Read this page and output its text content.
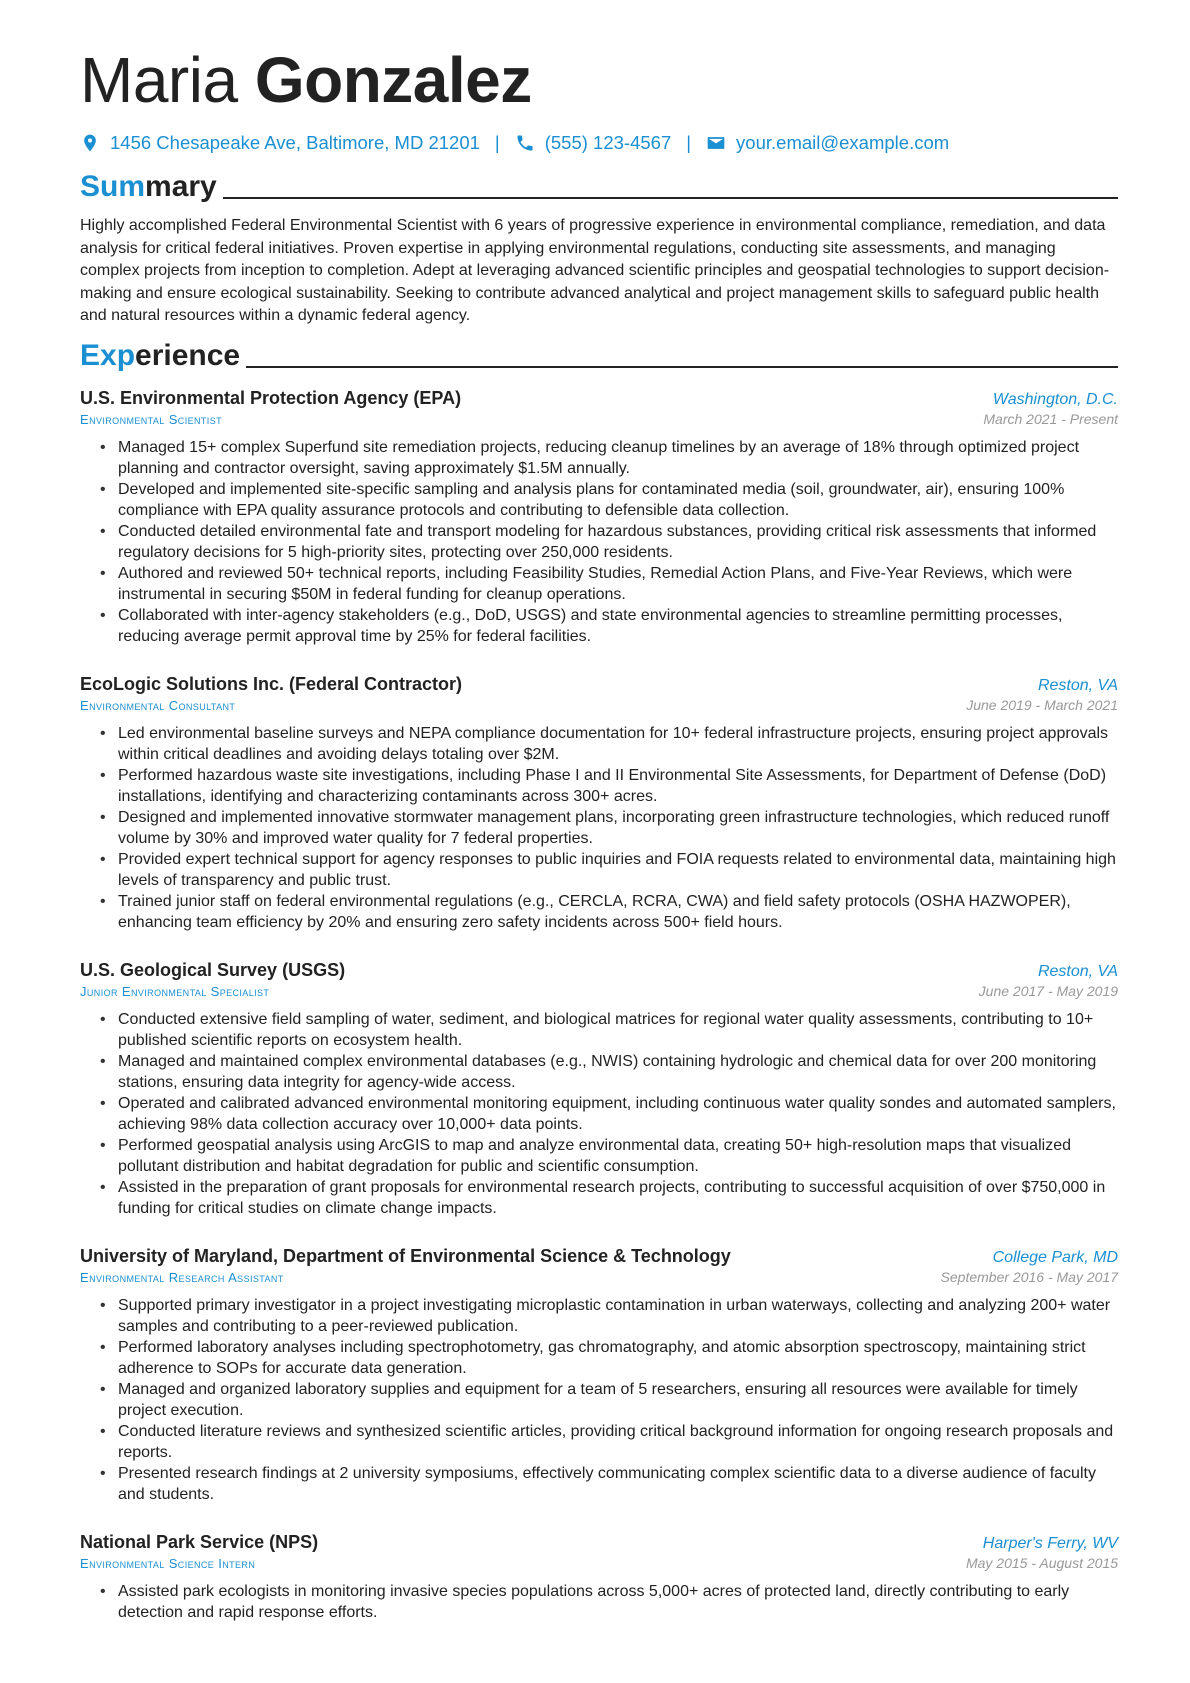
Maria Gonzalez
1456 Chesapeake Ave, Baltimore, MD 21201 | (555) 123-4567 | your.email@example.com
Summary

Highly accomplished Federal Environmental Scientist with 6 years of progressive experience in environmental compliance, remediation, and data analysis for critical federal initiatives. Proven expertise in applying environmental regulations, conducting site assessments, and managing complex projects from inception to completion. Adept at leveraging advanced scientific principles and geospatial technologies to support decision-making and ensure ecological sustainability. Seeking to contribute advanced analytical and project management skills to safeguard public health and natural resources within a dynamic federal agency.

Experience
U.S. Environmental Protection Agency (EPA)	Washington, D.C.
Environmental Scientist	March 2021 - Present
• Managed 15+ complex Superfund site remediation projects, reducing cleanup timelines by an average of 18% through optimized project planning and contractor oversight, saving approximately $1.5M annually.
• Developed and implemented site-specific sampling and analysis plans for contaminated media (soil, groundwater, air), ensuring 100% compliance with EPA quality assurance protocols and contributing to defensible data collection.
• Conducted detailed environmental fate and transport modeling for hazardous substances, providing critical risk assessments that informed regulatory decisions for 5 high-priority sites, protecting over 250,000 residents.
• Authored and reviewed 50+ technical reports, including Feasibility Studies, Remedial Action Plans, and Five-Year Reviews, which were instrumental in securing $50M in federal funding for cleanup operations.
• Collaborated with inter-agency stakeholders (e.g., DoD, USGS) and state environmental agencies to streamline permitting processes, reducing average permit approval time by 25% for federal facilities.
EcoLogic Solutions Inc. (Federal Contractor)	Reston, VA
Environmental Consultant	June 2019 - March 2021
• Led environmental baseline surveys and NEPA compliance documentation for 10+ federal infrastructure projects, ensuring project approvals within critical deadlines and avoiding delays totaling over $2M.
• Performed hazardous waste site investigations, including Phase I and II Environmental Site Assessments, for Department of Defense (DoD) installations, identifying and characterizing contaminants across 300+ acres.
• Designed and implemented innovative stormwater management plans, incorporating green infrastructure technologies, which reduced runoff volume by 30% and improved water quality for 7 federal properties.
• Provided expert technical support for agency responses to public inquiries and FOIA requests related to environmental data, maintaining high levels of transparency and public trust.
• Trained junior staff on federal environmental regulations (e.g., CERCLA, RCRA, CWA) and field safety protocols (OSHA HAZWOPER), enhancing team efficiency by 20% and ensuring zero safety incidents across 500+ field hours.
U.S. Geological Survey (USGS)	Reston, VA
Junior Environmental Specialist	June 2017 - May 2019
• Conducted extensive field sampling of water, sediment, and biological matrices for regional water quality assessments, contributing to 10+ published scientific reports on ecosystem health.
• Managed and maintained complex environmental databases (e.g., NWIS) containing hydrologic and chemical data for over 200 monitoring stations, ensuring data integrity for agency-wide access.
• Operated and calibrated advanced environmental monitoring equipment, including continuous water quality sondes and automated samplers, achieving 98% data collection accuracy over 10,000+ data points.
• Performed geospatial analysis using ArcGIS to map and analyze environmental data, creating 50+ high-resolution maps that visualized pollutant distribution and habitat degradation for public and scientific consumption.
• Assisted in the preparation of grant proposals for environmental research projects, contributing to successful acquisition of over $750,000 in funding for critical studies on climate change impacts.
University of Maryland, Department of Environmental Science & Technology	College Park, MD
Environmental Research Assistant	September 2016 - May 2017
• Supported primary investigator in a project investigating microplastic contamination in urban waterways, collecting and analyzing 200+ water samples and contributing to a peer-reviewed publication.
• Performed laboratory analyses including spectrophotometry, gas chromatography, and atomic absorption spectroscopy, maintaining strict adherence to SOPs for accurate data generation.
• Managed and organized laboratory supplies and equipment for a team of 5 researchers, ensuring all resources were available for timely project execution.
• Conducted literature reviews and synthesized scientific articles, providing critical background information for ongoing research proposals and reports.
• Presented research findings at 2 university symposiums, effectively communicating complex scientific data to a diverse audience of faculty and students.
National Park Service (NPS)	Harper's Ferry, WV
Environmental Science Intern	May 2015 - August 2015
• Assisted park ecologists in monitoring invasive species populations across 5,000+ acres of protected land, directly contributing to early detection and rapid response efforts.
